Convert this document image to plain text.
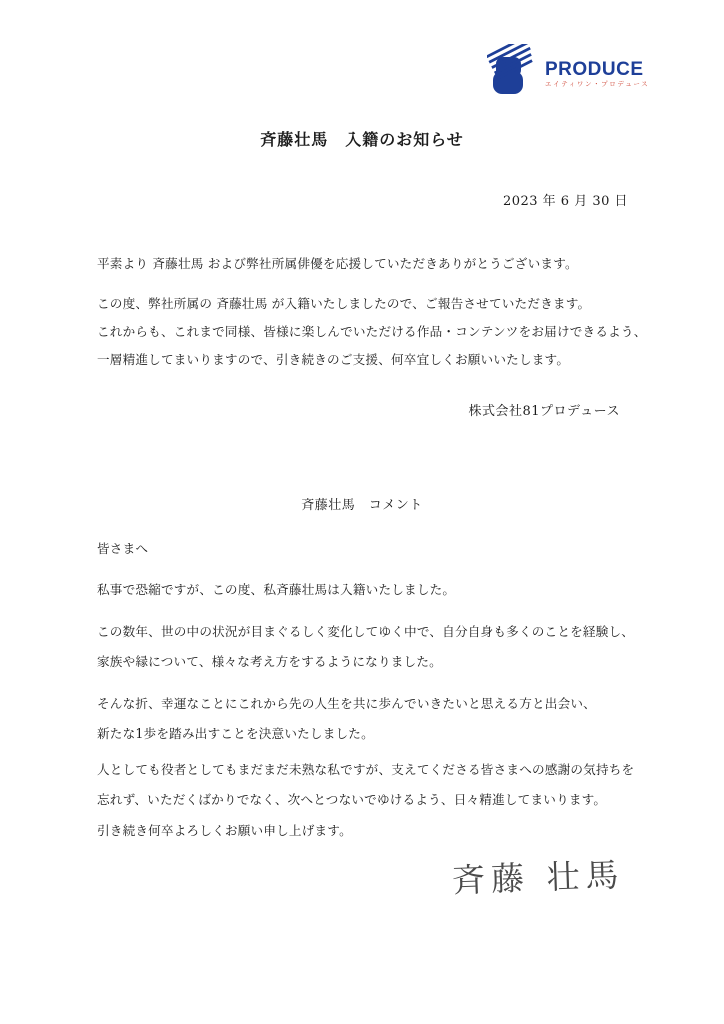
PRODUCE
エイティワン・プロデュース
斉藤壮馬　入籍のお知らせ
2023 年 6 月 30 日
平素より 斉藤壮馬 および弊社所属俳優を応援していただきありがとうございます。
この度、弊社所属の 斉藤壮馬 が入籍いたしましたので、ご報告させていただきます。
これからも、これまで同様、皆様に楽しんでいただける作品・コンテンツをお届けできるよう、
一層精進してまいりますので、引き続きのご支援、何卒宜しくお願いいたします。
株式会社81プロデュース
斉藤壮馬　コメント
皆さまへ
私事で恐縮ですが、この度、私斉藤壮馬は入籍いたしました。
この数年、世の中の状況が目まぐるしく変化してゆく中で、自分自身も多くのことを経験し、
家族や縁について、様々な考え方をするようになりました。
そんな折、幸運なことにこれから先の人生を共に歩んでいきたいと思える方と出会い、
新たな1歩を踏み出すことを決意いたしました。
人としても役者としてもまだまだ未熟な私ですが、支えてくださる皆さまへの感謝の気持ちを
忘れず、いただくばかりでなく、次へとつないでゆけるよう、日々精進してまいります。
引き続き何卒よろしくお願い申し上げます。
斉藤 壮馬
